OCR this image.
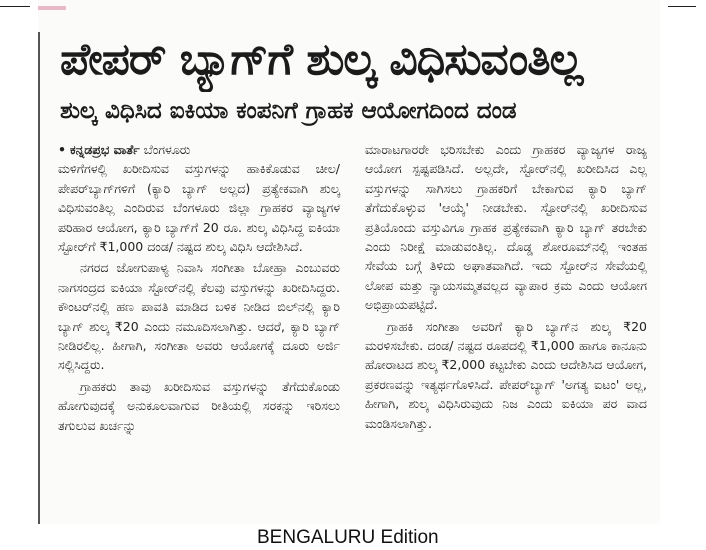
ಪೇಪರ್ ಬ್ಯಾಗ್‌ಗೆ ಶುಲ್ಕ ವಿಧಿಸುವಂತಿಲ್ಲ
ಶುಲ್ಕ ವಿಧಿಸಿದ ಐಕಿಯಾ ಕಂಪನಿಗೆ ಗ್ರಾಹಕ ಆಯೋಗದಿಂದ ದಂಡ

• ಕನ್ನಡಪ್ರಭ ವಾರ್ತೆ ಬೆಂಗಳೂರು
ಮಳಿಗೆಗಳಲ್ಲಿ ಖರೀದಿಸುವ ವಸ್ತುಗಳನ್ನು ಹಾಕಿಕೊಡುವ ಚೀಲ/ಪೇಪರ್‌ಬ್ಯಾಗ್‌ಗಳಿಗೆ (ಕ್ಯಾರಿ ಬ್ಯಾಗ್ ಅಲ್ಲದ) ಪ್ರತ್ಯೇಕವಾಗಿ ಶುಲ್ಕ ವಿಧಿಸುವಂತಿಲ್ಲ ಎಂದಿರುವ ಬೆಂಗಳೂರು ಜಿಲ್ಲಾ ಗ್ರಾಹಕರ ವ್ಯಾಜ್ಯಗಳ ಪರಿಹಾರ ಆಯೋಗ, ಕ್ಯಾರಿ ಬ್ಯಾಗ್‌ಗೆ 20 ರೂ. ಶುಲ್ಕ ವಿಧಿಸಿದ್ದ ಐಕಿಯಾ ಸ್ಟೋರ್‌ಗೆ ₹1,000 ದಂಡ/ ನಷ್ಟದ ಶುಲ್ಕ ವಿಧಿಸಿ ಆದೇಶಿಸಿದೆ.

ನಗರದ ಜೋಗುಪಾಳ್ಯ ನಿವಾಸಿ ಸಂಗೀತಾ ಬೋಹ್ರಾ ಎಂಬುವರು ನಾಗಸಂದ್ರದ ಐಕಿಯಾ ಸ್ಟೋರ್‌ನಲ್ಲಿ ಕೆಲವು ವಸ್ತುಗಳನ್ನು ಖರೀದಿಸಿದ್ದರು. ಕೌಂಟರ್‌ನಲ್ಲಿ ಹಣ ಪಾವತಿ ಮಾಡಿದ ಬಳಿಕ ನೀಡಿದ ಬಿಲ್‌ನಲ್ಲಿ ಕ್ಯಾರಿ ಬ್ಯಾಗ್ ಶುಲ್ಕ ₹20 ಎಂದು ನಮೂದಿಸಲಾಗಿತ್ತು. ಆದರೆ, ಕ್ಯಾರಿ ಬ್ಯಾಗ್ ನೀಡಿರಲಿಲ್ಲ. ಹೀಗಾಗಿ, ಸಂಗೀತಾ ಅವರು ಆಯೋಗಕ್ಕೆ ದೂರು ಅರ್ಜಿ ಸಲ್ಲಿಸಿದ್ದರು.

ಗ್ರಾಹಕರು ತಾವು ಖರೀದಿಸುವ ವಸ್ತುಗಳನ್ನು ತೆಗೆದುಕೊಂಡು ಹೋಗುವುದಕ್ಕೆ ಅನುಕೂಲವಾಗುವ ರೀತಿಯಲ್ಲಿ ಸರಕನ್ನು ಇರಿಸಲು ತಗುಲುವ ಖರ್ಚನ್ನು

ಮಾರಾಟಗಾರರೇ ಭರಿಸಬೇಕು ಎಂದು ಗ್ರಾಹಕರ ವ್ಯಾಜ್ಯಗಳ ರಾಜ್ಯ ಆಯೋಗ ಸ್ಪಷ್ಟಪಡಿಸಿದೆ. ಅಲ್ಲದೇ, ಸ್ಟೋರ್‌ನಲ್ಲಿ ಖರೀದಿಸಿದ ಎಲ್ಲ ವಸ್ತುಗಳನ್ನು ಸಾಗಿಸಲು ಗ್ರಾಹಕರಿಗೆ ಬೇಕಾಗುವ ಕ್ಯಾರಿ ಬ್ಯಾಗ್ ತೆಗೆದುಕೊಳ್ಳುವ 'ಆಯ್ಕೆ' ನೀಡಬೇಕು. ಸ್ಟೋರ್‌ನಲ್ಲಿ ಖರೀದಿಸುವ ಪ್ರತಿಯೊಂದು ವಸ್ತುವಿಗೂ ಗ್ರಾಹಕ ಪ್ರತ್ಯೇಕವಾಗಿ ಕ್ಯಾರಿ ಬ್ಯಾಗ್ ತರಬೇಕು ಎಂದು ನಿರೀಕ್ಷೆ ಮಾಡುವಂತಿಲ್ಲ. ದೊಡ್ಡ ಶೋರೂಮ್‌ನಲ್ಲಿ ಇಂತಹ ಸೇವೆಯ ಬಗ್ಗೆ ತಿಳಿದು ಅಘಾತವಾಗಿದೆ. ಇದು ಸ್ಟೋರ್‌ನ ಸೇವೆಯಲ್ಲಿ ಲೋಪ ಮತ್ತು ನ್ಯಾಯಸಮ್ಮತವಲ್ಲದ ವ್ಯಾಪಾರ ಕ್ರಮ ಎಂದು ಆಯೋಗ ಅಭಿಪ್ರಾಯಪಟ್ಟಿದೆ.

ಗ್ರಾಹಕಿ ಸಂಗೀತಾ ಅವರಿಗೆ ಕ್ಯಾರಿ ಬ್ಯಾಗ್‌ನ ಶುಲ್ಕ ₹20 ಮರಳಿಸಬೇಕು. ದಂಡ/ ನಷ್ಟದ ರೂಪದಲ್ಲಿ ₹1,000 ಹಾಗೂ ಕಾನೂನು ಹೋರಾಟದ ಶುಲ್ಕ ₹2,000 ಕಟ್ಟಬೇಕು ಎಂದು ಆದೇಶಿಸಿದ ಆಯೋಗ, ಪ್ರಕರಣವನ್ನು ಇತ್ಯರ್ಥಗೊಳಿಸಿದೆ. ಪೇಪರ್‌ಬ್ಯಾಗ್ 'ಅಗತ್ಯ ಐಟಂ' ಅಲ್ಲ, ಹೀಗಾಗಿ, ಶುಲ್ಕ ವಿಧಿಸಿರುವುದು ನಿಜ ಎಂದು ಐಕಿಯಾ ಪರ ವಾದ ಮಂಡಿಸಲಾಗಿತ್ತು.

BENGALURU Edition
